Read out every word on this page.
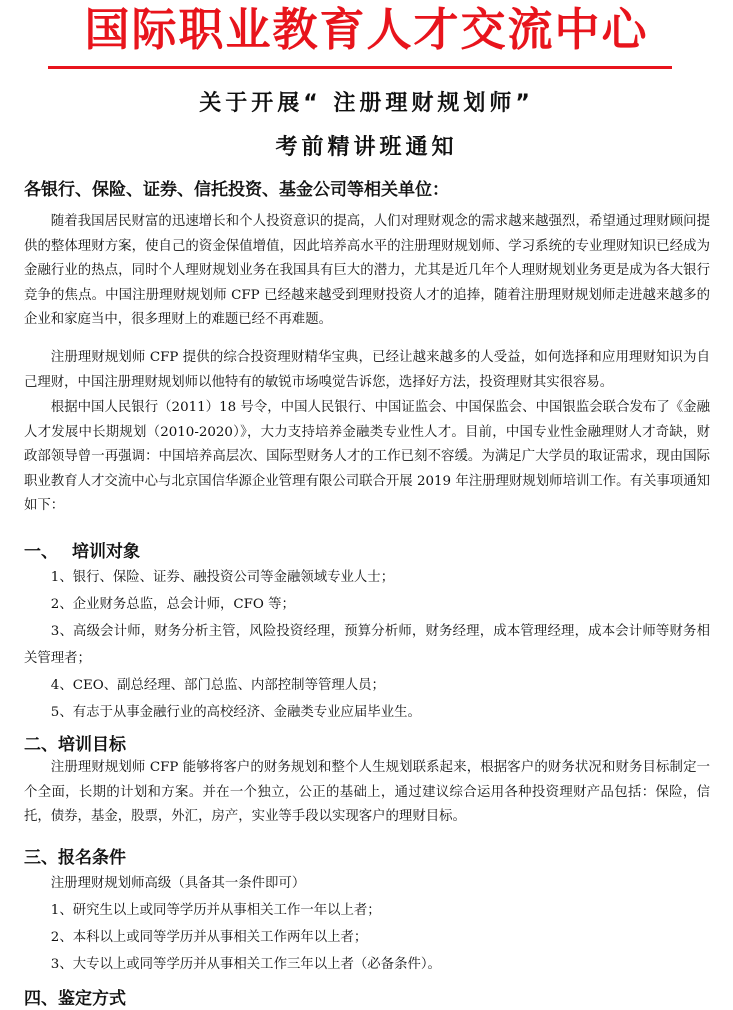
国际职业教育人才交流中心
关于开展“ 注册理财规划师”
考前精讲班通知
各银行、保险、证券、信托投资、基金公司等相关单位：

随着我国居民财富的迅速增长和个人投资意识的提高，人们对理财观念的需求越来越强烈，希望通过理财顾问提供的整体理财方案，使自己的资金保值增值，因此培养高水平的注册理财规划师、学习系统的专业理财知识已经成为金融行业的热点，同时个人理财规划业务在我国具有巨大的潜力，尤其是近几年个人理财规划业务更是成为各大银行竞争的焦点。中国注册理财规划师 CFP 已经越来越受到理财投资人才的追捧，随着注册理财规划师走进越来越多的企业和家庭当中，很多理财上的难题已经不再难题。

注册理财规划师 CFP 提供的综合投资理财精华宝典，已经让越来越多的人受益，如何选择和应用理财知识为自己理财，中国注册理财规划师以他特有的敏锐市场嗅觉告诉您，选择好方法，投资理财其实很容易。

根据中国人民银行（2011）18 号令，中国人民银行、中国证监会、中国保监会、中国银监会联合发布了《金融人才发展中长期规划（2010-2020）》，大力支持培养金融类专业性人才。目前，中国专业性金融理财人才奇缺，财政部领导曾一再强调：中国培养高层次、国际型财务人才的工作已刻不容缓。为满足广大学员的取证需求，现由国际职业教育人才交流中心与北京国信华源企业管理有限公司联合开展 2019 年注册理财规划师培训工作。有关事项通知如下：

一、 培训对象
1、银行、保险、证券、融投资公司等金融领域专业人士；
2、企业财务总监，总会计师，CFO 等；
3、高级会计师，财务分析主管，风险投资经理，预算分析师，财务经理，成本管理经理，成本会计师等财务相关管理者；
4、CEO、副总经理、部门总监、内部控制等管理人员；
5、有志于从事金融行业的高校经济、金融类专业应届毕业生。
二、培训目标

注册理财规划师 CFP 能够将客户的财务规划和整个人生规划联系起来，根据客户的财务状况和财务目标制定一个全面，长期的计划和方案。并在一个独立，公正的基础上，通过建议综合运用各种投资理财产品包括：保险，信托，债券，基金，股票，外汇，房产，实业等手段以实现客户的理财目标。

三、报名条件
注册理财规划师高级（具备其一条件即可）
1、研究生以上或同等学历并从事相关工作一年以上者；
2、本科以上或同等学历并从事相关工作两年以上者；
3、大专以上或同等学历并从事相关工作三年以上者（必备条件）。
四、鉴定方式
